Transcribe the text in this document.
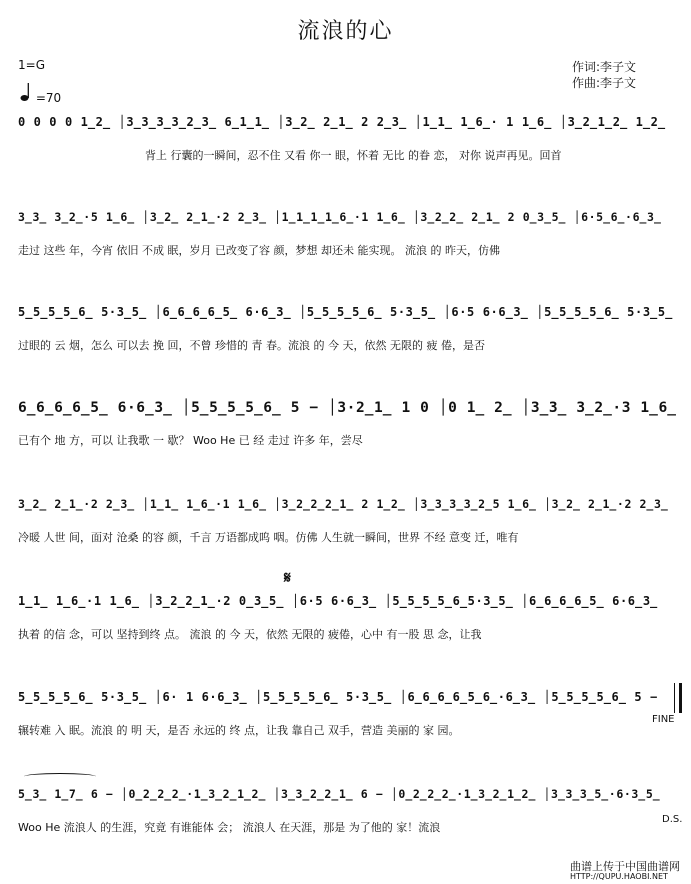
流浪的心
1=G
=70
作词:李子文
作曲:李子文
0 0 0 0 1̲2̲ │3̲3̲3̲3̲2̲3̲ 6̲1̲1̲ │3̲2̲ 2̲1̲ 2 2̲3̲ │1̲1̲ 1̲6̲· 1 1̲6̲ │3̲2̲1̲2̲ 1̲2̲
背上 行囊的一瞬间，忍不住 又看 你一 眼，怀着 无比 的眷 恋， 对你 说声再见。回首
3̲3̲ 3̲2̲·5 1̲6̲ │3̲2̲ 2̲1̲·2 2̲3̲ │1̲1̲1̲1̲6̲·1 1̲6̲ │3̲2̲2̲ 2̲1̲ 2 0̲3̲5̲ │6·5̲6̲·6̲3̲
走过 这些 年，今宵 依旧 不成 眠，岁月 已改变了容 颜，梦想 却还未 能实现。 流浪 的 昨天，仿佛
5̲5̲5̲5̲6̲ 5·3̲5̲ │6̲6̲6̲6̲5̲ 6·6̲3̲ │5̲5̲5̲5̲6̲ 5·3̲5̲ │6·5 6·6̲3̲ │5̲5̲5̲5̲6̲ 5·3̲5̲
过眼的 云 烟，怎么 可以去 挽 回，不曾 珍惜的 青 春。流浪 的 今 天，依然 无限的 疲 倦，是否
6̲6̲6̲6̲5̲ 6·6̲3̲ │5̲5̲5̲5̲6̲ 5 − │3·2̲1̲ 1 0 │0 1̲ 2̲ │3̲3̲ 3̲2̲·3 1̲6̲
已有个 地 方，可以 让我歌 一 歇？ Woo He 已 经 走过 许多 年，尝尽
3̲2̲ 2̲1̲·2 2̲3̲ │1̲1̲ 1̲6̲·1 1̲6̲ │3̲2̲2̲2̲1̲ 2 1̲2̲ │3̲3̲3̲3̲2̲5 1̲6̲ │3̲2̲ 2̲1̲·2 2̲3̲
冷暖 人世 间，面对 沧桑 的容 颜，千言 万语都成呜 咽。仿佛 人生就一瞬间，世界 不经 意变 迁，唯有
𝄋
1̲1̲ 1̲6̲·1 1̲6̲ │3̲2̲2̲1̲·2 0̲3̲5̲ │6·5 6·6̲3̲ │5̲5̲5̲5̲6̲5·3̲5̲ │6̲6̲6̲6̲5̲ 6·6̲3̲
执着 的信 念，可以 坚持到终 点。 流浪 的 今 天，依然 无限的 疲倦，心中 有一股 思 念，让我
5̲5̲5̲5̲6̲ 5·3̲5̲ │6· 1 6·6̲3̲ │5̲5̲5̲5̲6̲ 5·3̲5̲ │6̲6̲6̲6̲5̲6̲·6̲3̲ │5̲5̲5̲5̲6̲ 5 −
辗转难 入 眠。流浪 的 明 天，是否 永远的 终 点，让我 靠自己 双手，营造 美丽的 家 园。
FINE
5̲3̲ 1̲7̲ 6 − │0̲2̲2̲2̲·1̲3̲2̲1̲2̲ │3̲3̲2̲2̲1̲ 6 − │0̲2̲2̲2̲·1̲3̲2̲1̲2̲ │3̲3̲3̲5̲·6·3̲5̲
Woo He 流浪人 的生涯，究竟 有谁能体 会； 流浪人 在天涯，那是 为了他的 家！流浪
D.S.
曲谱上传于中国曲谱网
HTTP://QUPU.HAOBI.NET
